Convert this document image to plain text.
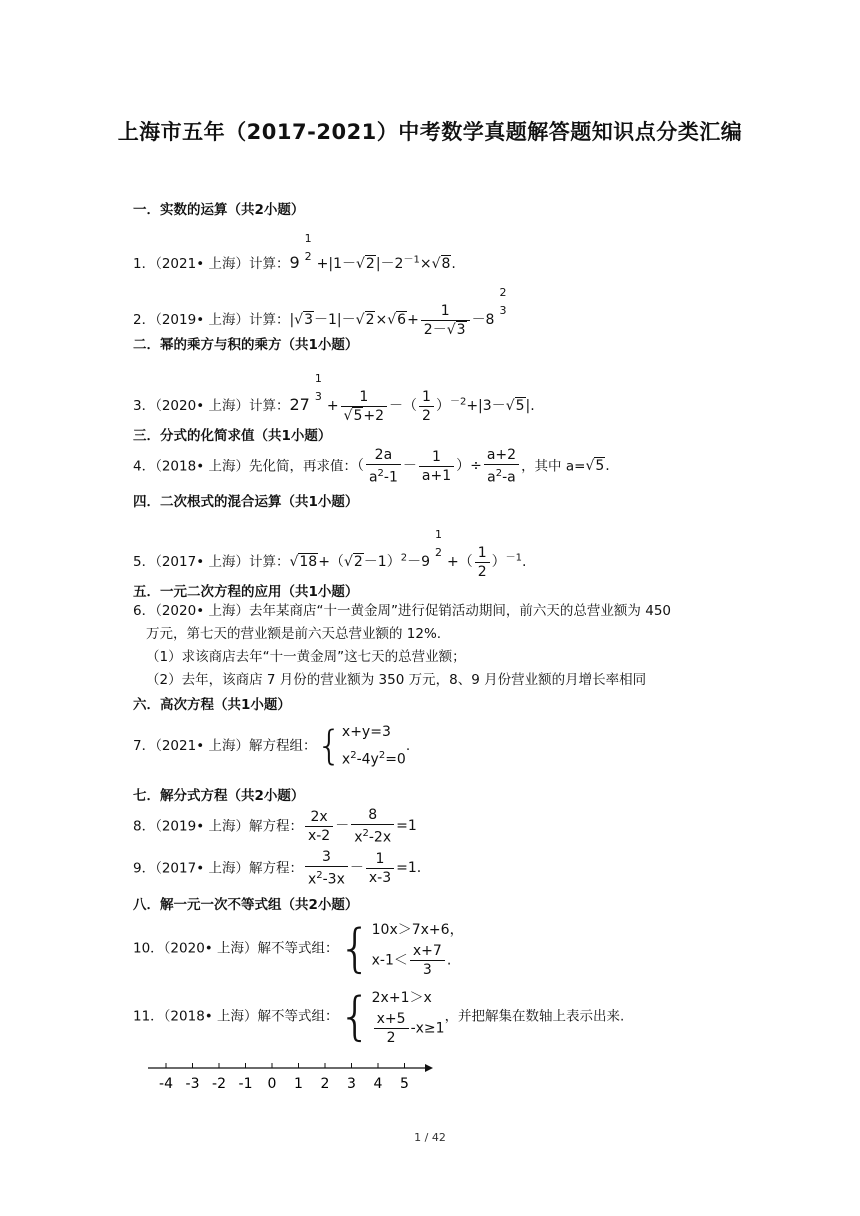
上海市五年（2017-2021）中考数学真题解答题知识点分类汇编
一．实数的运算（共2小题）
1．（2021• 上海）计算：9
1
$2 +|1-√2|-2^{-1}\times√8$.
2．（2019• 上海）计算：$|√3-1|-√2\times√6+ \frac{1}{2-√3} -8$
2
3
二．幂的乘方与积的乘方（共1小题）
3．（2020• 上海）计算：27
1
3
+ $\frac{1}{√5+2}$ －（ $\frac{1}{2} )^{-2}+|3-√5|$.
三．分式的化简求值（共1小题）
4．（2018• 上海）先化简，再求值：（ $\frac{2a}{a^2-1} - \frac{1}{a+1}$ ）÷ $\frac{a+2}{a^2-a}$ ，其中 a=√5.
四．二次根式的混合运算（共1小题）
5．（2017• 上海）计算：$√18+(√2-1)^2-9$
1
2
+（ $\frac{1}{2} )^{-1}$.
五．一元二次方程的应用（共1小题）
6．（2020• 上海）去年某商店“十一黄金周”进行促销活动期间，前六天的总营业额为 450
万元，第七天的营业额是前六天总营业额的 12%.
（1）求该商店去年“十一黄金周”这七天的总营业额；
（2）去年，该商店 7 月份的营业额为 350 万元，8、9 月份营业额的月增长率相同
六．高次方程（共1小题）
7．（2021• 上海）解方程组：{ x+y=3
$x^2-4y^2=0$
.
七．解分式方程（共2小题）
8．（2019• 上海）解方程： $\frac{2x}{x-2} - \frac{8}{x^2-2x} =1$
9．（2017• 上海）解方程： $\frac{3}{x^2-3x} - \frac{1}{x-3} =1$.
八．解一元一次不等式组（共2小题）
10．（2020• 上海）解不等式组：{ 10x＞7x+6，
$x-1< \frac{x+7}{3}$ .
11．（2018• 上海）解不等式组：{ 2x+1＞x
$\frac{x+5}{2} -x\ge 1$
，并把解集在数轴上表示出来.
-4 -3 -2 -1 0 1 2 3 4 5
1 / 42
